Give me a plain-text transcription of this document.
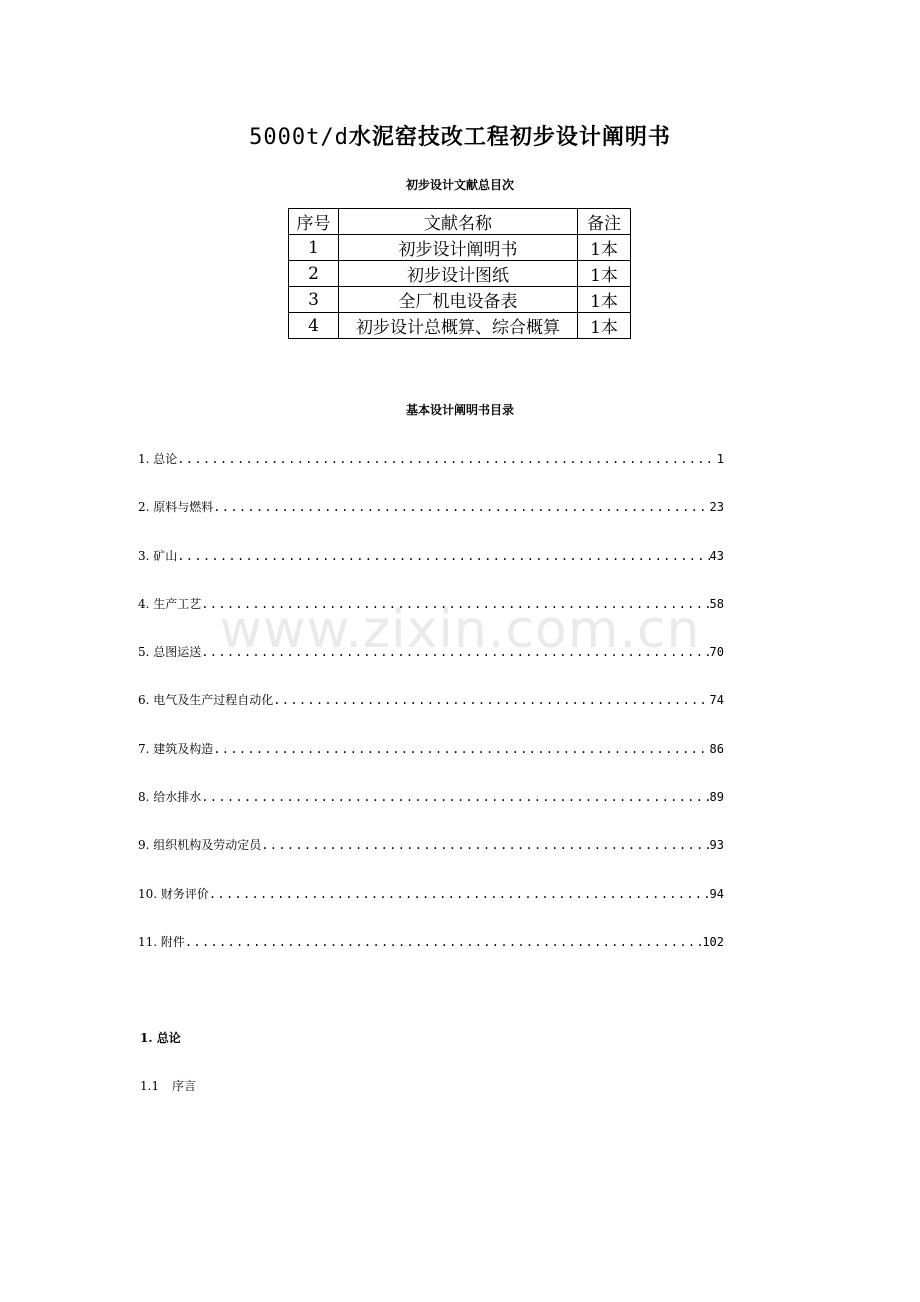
www.zixin.com.cn
5000t/d水泥窑技改工程初步设计阐明书
初步设计文献总目次
序号	文献名称	备注
1	初步设计阐明书	1本
2	初步设计图纸	1本
3	全厂机电设备表	1本
4	初步设计总概算、综合概算	1本
基本设计阐明书目录
1. 总论 .....	1
2. 原料与燃料 .....	23
3. 矿山 .....	43
4. 生产工艺 .....	58
5. 总图运送 .....	70
6. 电气及生产过程自动化 .....	74
7. 建筑及构造 .....	86
8. 给水排水 .....	89
9. 组织机构及劳动定员 .....	93
10. 财务评价 .....	94
11. 附件 .....	102
1. 总论
1.1 序言
